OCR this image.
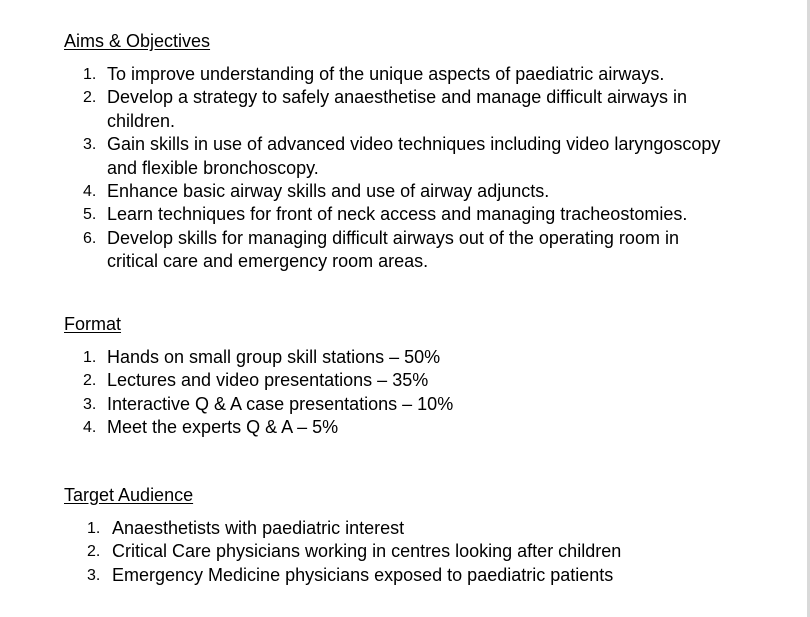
Aims & Objectives
1. To improve understanding of the unique aspects of paediatric airways.
2. Develop a strategy to safely anaesthetise and manage difficult airways in children.
3. Gain skills in use of advanced video techniques including video laryngoscopy and flexible bronchoscopy.
4. Enhance basic airway skills and use of airway adjuncts.
5. Learn techniques for front of neck access and managing tracheostomies.
6. Develop skills for managing difficult airways out of the operating room in critical care and emergency room areas.
Format
1. Hands on small group skill stations – 50%
2. Lectures and video presentations – 35%
3. Interactive Q & A case presentations – 10%
4. Meet the experts Q & A – 5%
Target Audience
1. Anaesthetists with paediatric interest
2. Critical Care physicians working in centres looking after children
3. Emergency Medicine physicians exposed to paediatric patients
